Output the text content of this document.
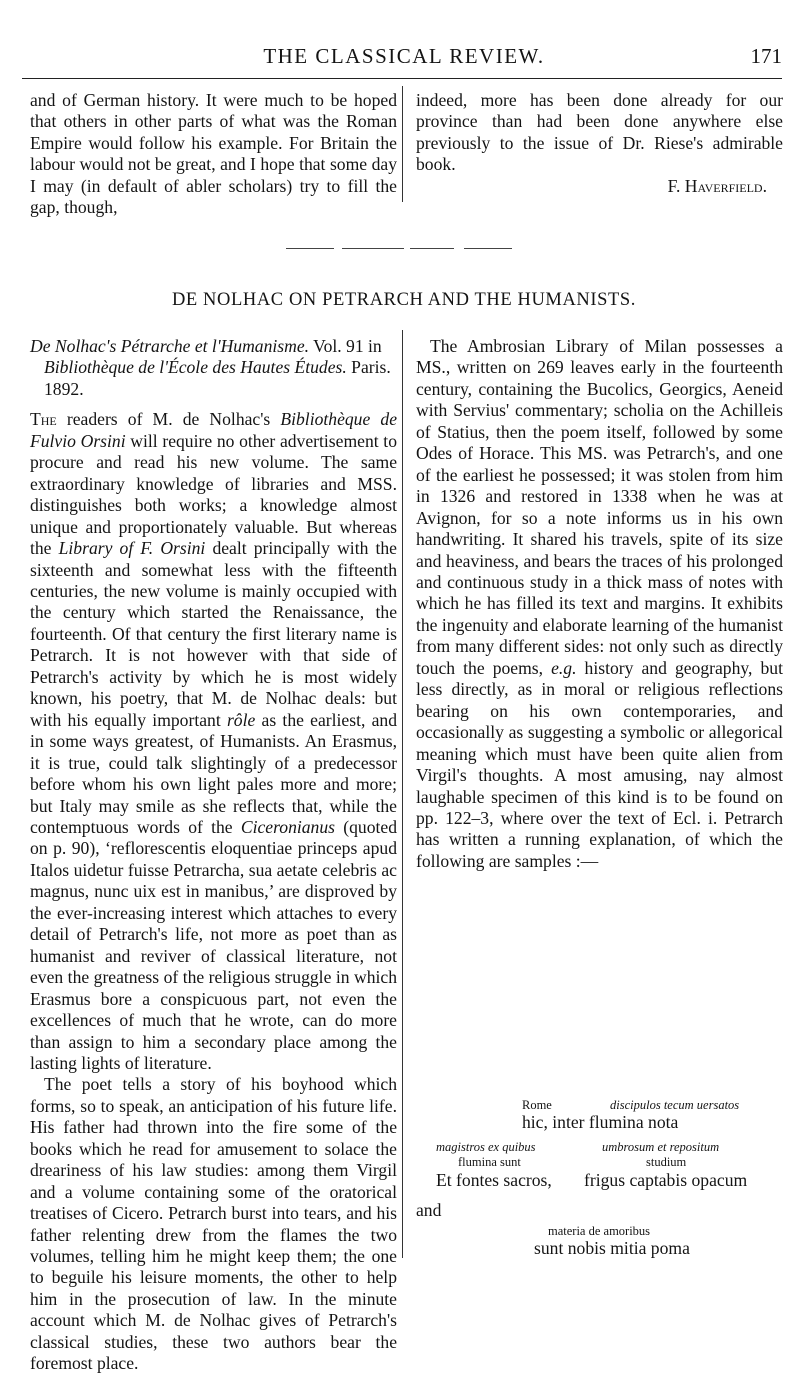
THE CLASSICAL REVIEW.	171

and of German history. It were much to be hoped that others in other parts of what was the Roman Empire would follow his example. For Britain the labour would not be great, and I hope that some day I may (in default of abler scholars) try to fill the gap, though,

indeed, more has been done already for our province than had been done anywhere else previously to the issue of Dr. Riese's admirable book.

F. Haverfield.

DE NOLHAC ON PETRARCH AND THE HUMANISTS.

De Nolhac's Pétrarche et l'Humanisme. Vol. 91 in Bibliothèque de l'École des Hautes Études. Paris. 1892.

The readers of M. de Nolhac's Bibliothèque de Fulvio Orsini will require no other advertisement to procure and read his new volume. The same extraordinary knowledge of libraries and MSS. distinguishes both works; a knowledge almost unique and proportionately valuable. But whereas the Library of F. Orsini dealt principally with the sixteenth and somewhat less with the fifteenth centuries, the new volume is mainly occupied with the century which started the Renaissance, the fourteenth. Of that century the first literary name is Petrarch. It is not however with that side of Petrarch's activity by which he is most widely known, his poetry, that M. de Nolhac deals: but with his equally important rôle as the earliest, and in some ways greatest, of Humanists. An Erasmus, it is true, could talk slightingly of a predecessor before whom his own light pales more and more; but Italy may smile as she reflects that, while the contemptuous words of the Ciceronianus (quoted on p. 90), ‘reflorescentis eloquentiae princeps apud Italos uidetur fuisse Petrarcha, sua aetate celebris ac magnus, nunc uix est in manibus,’ are disproved by the ever-increasing interest which attaches to every detail of Petrarch's life, not more as poet than as humanist and reviver of classical literature, not even the greatness of the religious struggle in which Erasmus bore a conspicuous part, not even the excellences of much that he wrote, can do more than assign to him a secondary place among the lasting lights of literature.

The poet tells a story of his boyhood which forms, so to speak, an anticipation of his future life. His father had thrown into the fire some of the books which he read for amusement to solace the dreariness of his law studies: among them Virgil and a volume containing some of the oratorical treatises of Cicero. Petrarch burst into tears, and his father relenting drew from the flames the two volumes, telling him he might keep them; the one to beguile his leisure moments, the other to help him in the prosecution of law. In the minute account which M. de Nolhac gives of Petrarch's classical studies, these two authors bear the foremost place.

The Ambrosian Library of Milan possesses a MS., written on 269 leaves early in the fourteenth century, containing the Bucolics, Georgics, Aeneid with Servius' commentary; scholia on the Achilleis of Statius, then the poem itself, followed by some Odes of Horace. This MS. was Petrarch's, and one of the earliest he possessed; it was stolen from him in 1326 and restored in 1338 when he was at Avignon, for so a note informs us in his own handwriting. It shared his travels, spite of its size and heaviness, and bears the traces of his prolonged and continuous study in a thick mass of notes with which he has filled its text and margins. It exhibits the ingenuity and elaborate learning of the humanist from many different sides: not only such as directly touch the poems, e.g. history and geography, but less directly, as in moral or religious reflections bearing on his own contemporaries, and occasionally as suggesting a symbolic or allegorical meaning which must have been quite alien from Virgil's thoughts. A most amusing, nay almost laughable specimen of this kind is to be found on pp. 122–3, where over the text of Ecl. i. Petrarch has written a running explanation, of which the following are samples :—

Rome	discipulos tecum uersatos
hic, inter flumina nota
magistros ex quibus
flumina sunt
umbrosum et repositum
studium
Et fontes sacros, frigus captabis opacum
and
materia de amoribus
sunt nobis mitia poma
